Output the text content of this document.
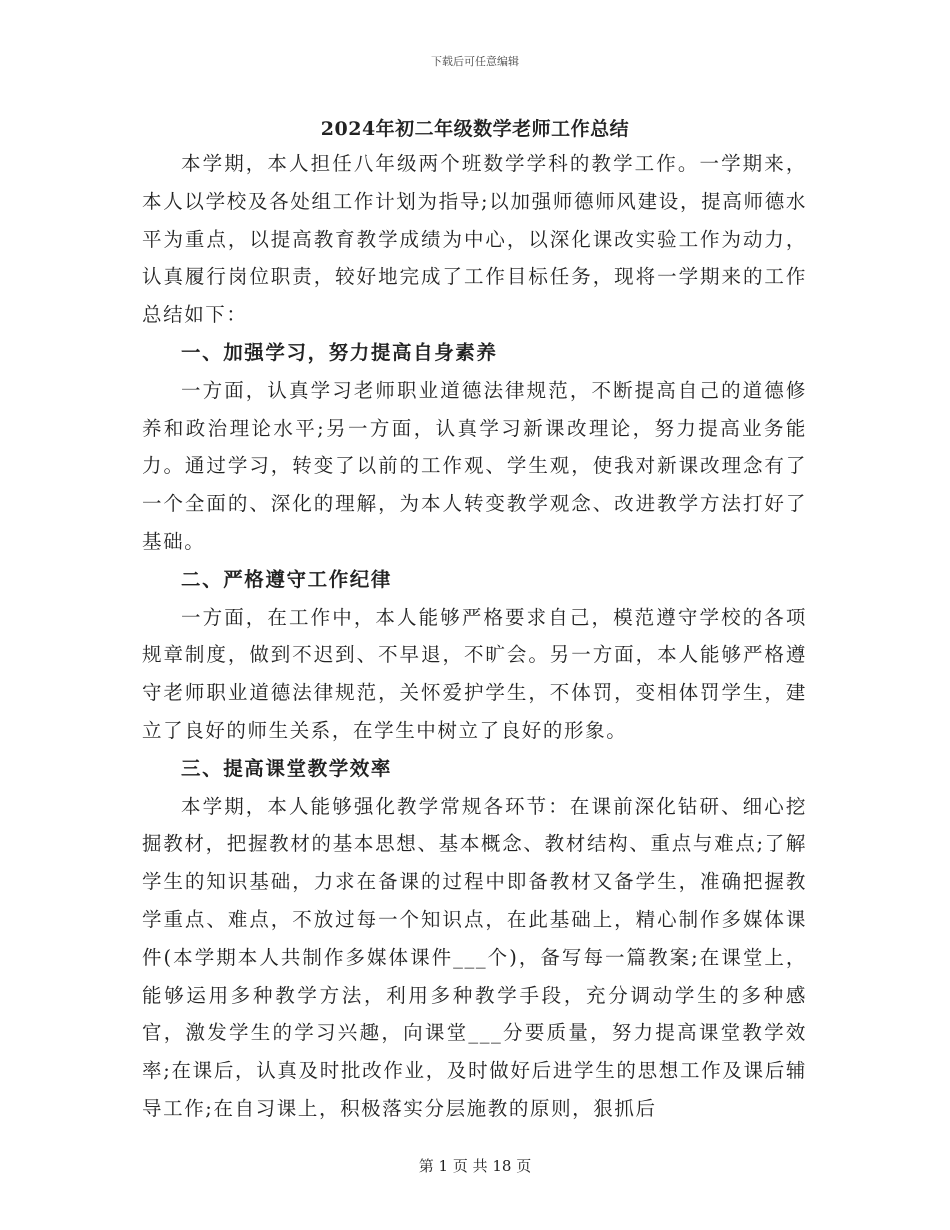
下载后可任意编辑
2024年初二年级数学老师工作总结

本学期，本人担任八年级两个班数学学科的教学工作。一学期来，本人以学校及各处组工作计划为指导;以加强师德师风建设，提高师德水平为重点，以提高教育教学成绩为中心，以深化课改实验工作为动力，认真履行岗位职责，较好地完成了工作目标任务，现将一学期来的工作总结如下：

一、加强学习，努力提高自身素养

一方面，认真学习老师职业道德法律规范，不断提高自己的道德修养和政治理论水平;另一方面，认真学习新课改理论，努力提高业务能力。通过学习，转变了以前的工作观、学生观，使我对新课改理念有了一个全面的、深化的理解，为本人转变教学观念、改进教学方法打好了基础。

二、严格遵守工作纪律

一方面，在工作中，本人能够严格要求自己，模范遵守学校的各项规章制度，做到不迟到、不早退，不旷会。另一方面，本人能够严格遵守老师职业道德法律规范，关怀爱护学生，不体罚，变相体罚学生，建立了良好的师生关系，在学生中树立了良好的形象。

三、提高课堂教学效率

本学期，本人能够强化教学常规各环节：在课前深化钻研、细心挖掘教材，把握教材的基本思想、基本概念、教材结构、重点与难点;了解学生的知识基础，力求在备课的过程中即备教材又备学生，准确把握教学重点、难点，不放过每一个知识点，在此基础上，精心制作多媒体课件(本学期本人共制作多媒体课件___个)，备写每一篇教案;在课堂上，能够运用多种教学方法，利用多种教学手段，充分调动学生的多种感官，激发学生的学习兴趣，向课堂___分要质量，努力提高课堂教学效率;在课后，认真及时批改作业，及时做好后进学生的思想工作及课后辅导工作;在自习课上，积极落实分层施教的原则，狠抓后

第 1 页 共 18 页
